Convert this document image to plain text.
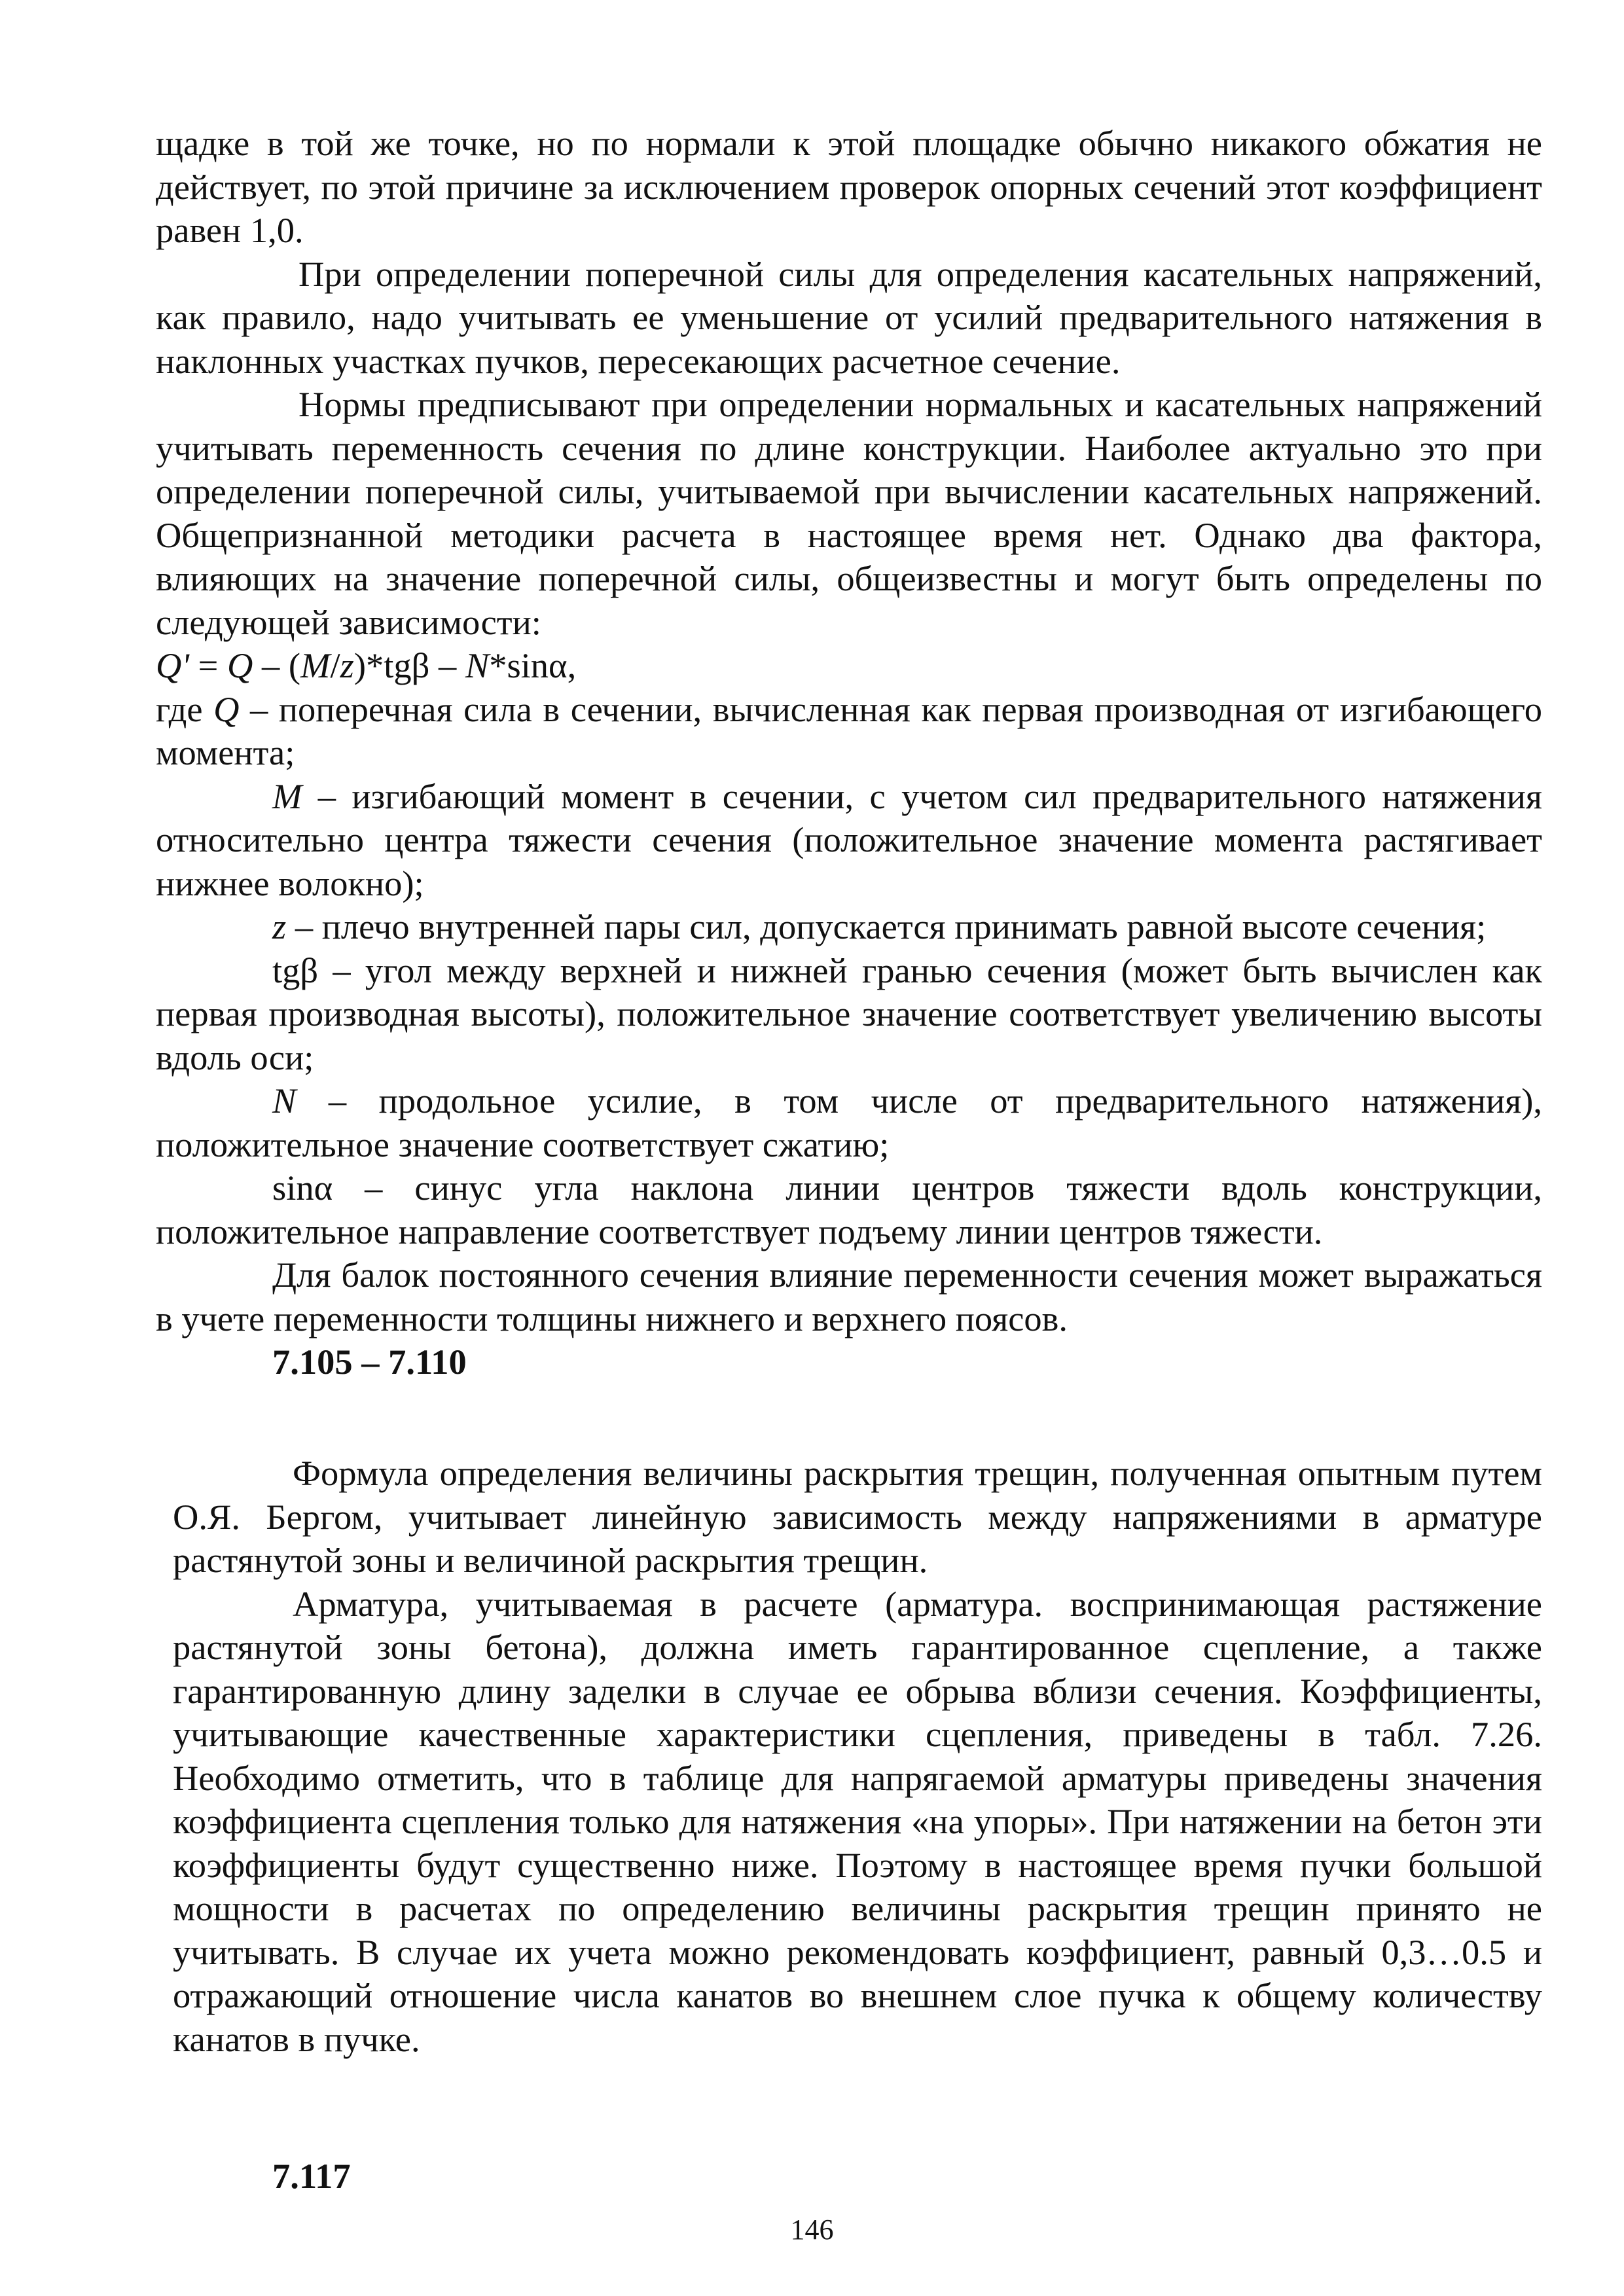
щадке в той же точке, но по нормали к этой площадке обычно никакого обжатия не действует, по этой причине за исключением проверок опорных сечений этот коэффициент равен 1,0.

При определении поперечной силы для определения касательных напряжений, как правило, надо учитывать ее уменьшение от усилий предварительного натяжения в наклонных участках пучков, пересекающих расчетное сечение.

Нормы предписывают при определении нормальных и касательных напряжений учитывать переменность сечения по длине конструкции. Наиболее актуально это при определении поперечной силы, учитываемой при вычислении касательных напряжений. Общепризнанной методики расчета в настоящее время нет. Однако два фактора, влияющих на значение поперечной силы, общеизвестны и могут быть определены по следующей зависимости:

Q' = Q – (M/z)*tgβ – N*sinα,

где Q – поперечная сила в сечении, вычисленная как первая производная от изгибающего момента;

M – изгибающий момент в сечении, с учетом сил предварительного натяжения относительно центра тяжести сечения (положительное значение момента растягивает нижнее волокно);

z – плечо внутренней пары сил, допускается принимать равной высоте сечения;

tgβ – угол между верхней и нижней гранью сечения (может быть вычислен как первая производная высоты), положительное значение соответствует увеличению высоты вдоль оси;

N – продольное усилие, в том числе от предварительного натяжения), положительное значение соответствует сжатию;

sinα – синус угла наклона линии центров тяжести вдоль конструкции, положительное направление соответствует подъему линии центров тяжести.

Для балок постоянного сечения влияние переменности сечения может выражаться в учете переменности толщины нижнего и верхнего поясов.

7.105 – 7.110

Формула определения величины раскрытия трещин, полученная опытным путем О.Я. Бергом, учитывает линейную зависимость между напряжениями в арматуре растянутой зоны и величиной раскрытия трещин.

Арматура, учитываемая в расчете (арматура. воспринимающая растяжение растянутой зоны бетона), должна иметь гарантированное сцепление, а также гарантированную длину заделки в случае ее обрыва вблизи сечения. Коэффициенты, учитывающие качественные характеристики сцепления, приведены в табл. 7.26. Необходимо отметить, что в таблице для напрягаемой арматуры приведены значения коэффициента сцепления только для натяжения «на упоры». При натяжении на бетон эти коэффициенты будут существенно ниже. Поэтому в настоящее время пучки большой мощности в расчетах по определению величины раскрытия трещин принято не учитывать. В случае их учета можно рекомендовать коэффициент, равный 0,3…0.5 и отражающий отношение числа канатов во внешнем слое пучка к общему количеству канатов в пучке.

7.117
146
